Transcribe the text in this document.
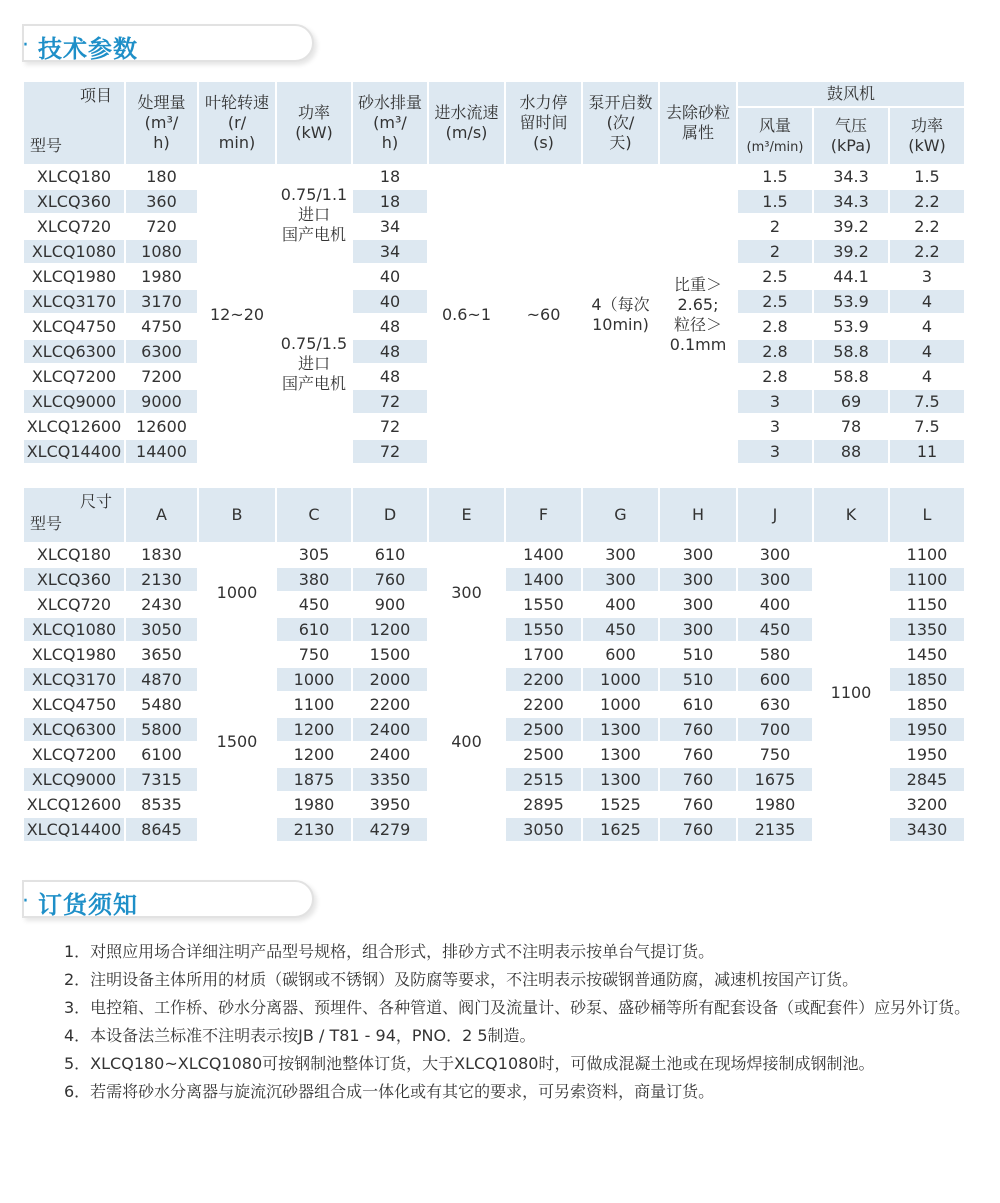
· 技术参数
项目
型号	处理量
(m³/
h)	叶轮转速
(r/
min)	功率
(kW)	砂水排量
(m³/
h)	进水流速
(m/s)	水力停
留时间
(s)	泵开启数
(次/
天)	去除砂粒
属性	鼓风机		
									风量
(m³/min)	气压
(kPa)	功率
(kW)
XLCQ180	180	12~20	0.75/1.1
进口
国产电机	18	0.6~1	~60	4（每次
10min)	比重＞
2.65;
粒径＞
0.1mm	1.5	34.3	1.5
XLCQ360	360			18					1.5	34.3	2.2
XLCQ720	720			34					2	39.2	2.2
XLCQ1080	1080			34					2	39.2	2.2
XLCQ1980	1980		0.75/1.5
进口
国产电机	40					2.5	44.1	3
XLCQ3170	3170			40					2.5	53.9	4
XLCQ4750	4750			48					2.8	53.9	4
XLCQ6300	6300			48					2.8	58.8	4
XLCQ7200	7200			48					2.8	58.8	4
XLCQ9000	9000			72					3	69	7.5
XLCQ12600	12600			72					3	78	7.5
XLCQ14400	14400			72					3	88	11
尺寸
型号	A	B	C	D	E	F	G	H	J	K	L
XLCQ180	1830	1000	305	610	300	1400	300	300	300	1100	1100
XLCQ360	2130		380	760		1400	300	300	300		1100
XLCQ720	2430		450	900		1550	400	300	400		1150
XLCQ1080	3050		610	1200		1550	450	300	450		1350
XLCQ1980	3650	1500	750	1500	400	1700	600	510	580		1450
XLCQ3170	4870		1000	2000		2200	1000	510	600		1850
XLCQ4750	5480		1100	2200		2200	1000	610	630		1850
XLCQ6300	5800		1200	2400		2500	1300	760	700		1950
XLCQ7200	6100		1200	2400		2500	1300	760	750		1950
XLCQ9000	7315		1875	3350		2515	1300	760	1675		2845
XLCQ12600	8535		1980	3950		2895	1525	760	1980		3200
XLCQ14400	8645		2130	4279		3050	1625	760	2135		3430
· 订货须知

1．对照应用场合详细注明产品型号规格，组合形式，排砂方式不注明表示按单台气提订货。

2．注明设备主体所用的材质（碳钢或不锈钢）及防腐等要求，不注明表示按碳钢普通防腐，减速机按国产订货。

3．电控箱、工作桥、砂水分离器、预埋件、各种管道、阀门及流量计、砂泵、盛砂桶等所有配套设备（或配套件）应另外订货。

4．本设备法兰标准不注明表示按JB / T81 - 94，PNO．2 5制造。

5．XLCQ180~XLCQ1080可按钢制池整体订货，大于XLCQ1080时，可做成混凝土池或在现场焊接制成钢制池。

6．若需将砂水分离器与旋流沉砂器组合成一体化或有其它的要求，可另索资料，商量订货。
